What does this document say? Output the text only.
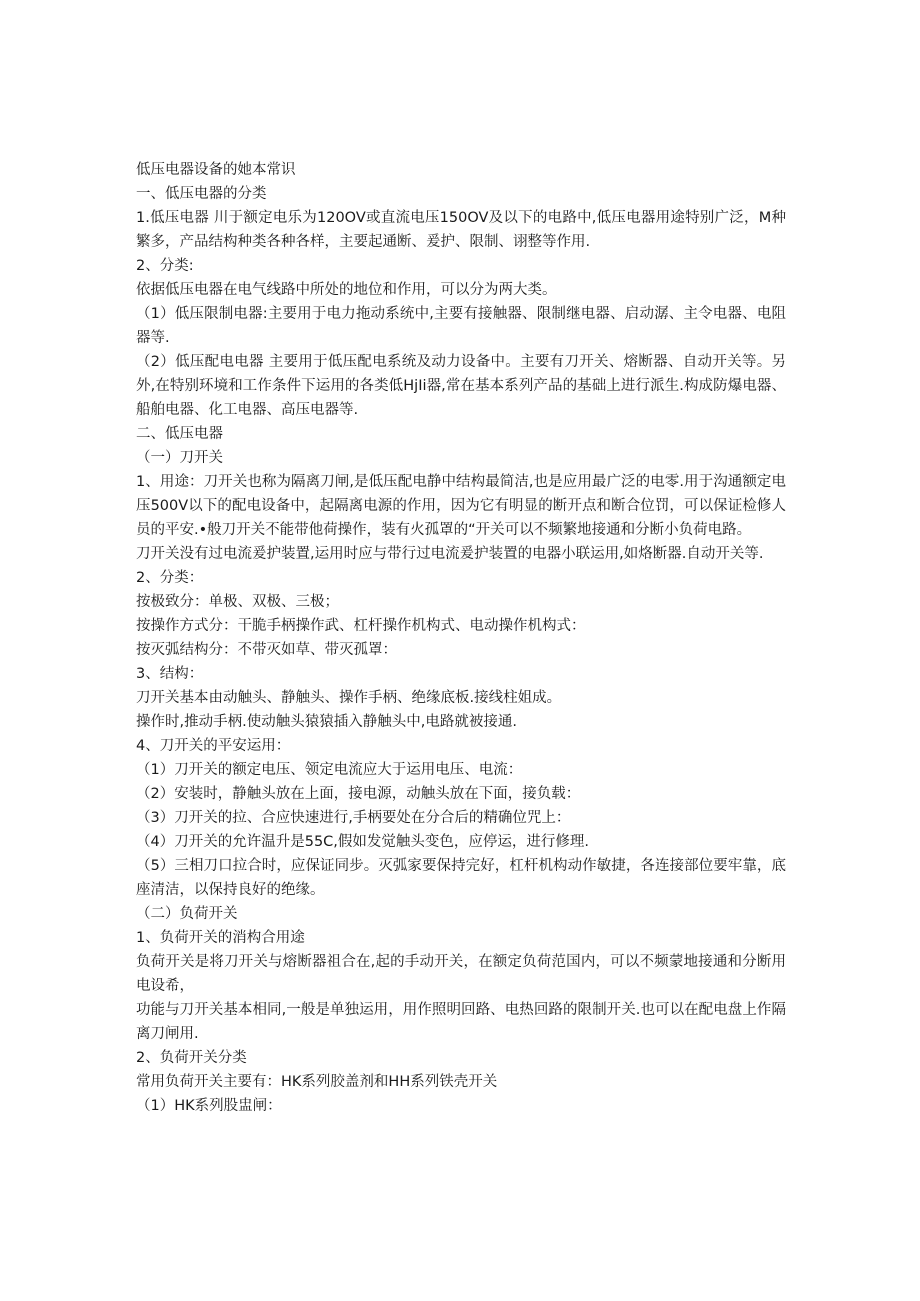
低压电器设备的她本常识

一、低压电器的分类

1.低压电器 川于额定电乐为120OV或直流电压150OV及以下的电路中,低压电器用途特别广泛，M种繁多，产品结构种类各种各样，主要起通断、爰护、限制、诩整等作用.

2、分类:

依据低压电器在电气线路中所处的地位和作用，可以分为两大类。

（1）低压限制电器:主要用于电力拖动系统中,主要有接触器、限制继电器、启动潺、主令电器、电阻器等.

（2）低压配电电器 主要用于低压配电系统及动力设备中。主要有刀开关、熔断器、自动开关等。另外,在特别环境和工作条件下运用的各类低HjIi器,常在基本系列产品的基础上进行派生.构成防爆电器、船舶电器、化工电器、高压电器等.

二、低压电器

（一）刀开关

1、用途：刀开关也称为隔离刀闸,是低压配电静中结构最简洁,也是应用最广泛的电零.用于沟通额定电压500V以下的配电设备中，起隔离电源的作用，因为它有明显的断开点和断合位罚，可以保证检修人员的平安.•般刀开关不能带他荷操作，装有火孤罩的“开关可以不频繁地接通和分断小负荷电路。

刀开关没有过电流爰护装置,运用时应与带行过电流爰护装置的电器小联运用,如烙断器.自动开关等.

2、分类：

按极致分：单极、双极、三极；

按操作方式分：干脆手柄操作武、杠杆操作机构式、电动操作机构式：

按灭弧结构分：不带灭如草、带灭孤罩：

3、结构：

刀开关基本由动触头、静触头、操作手柄、绝缘底板.接线柱姐成。

操作时,推动手柄.使动触头猿猿插入静触头中,电路就被接通.

4、刀开关的平安运用：

（1）刀开关的额定电压、领定电流应大于运用电压、电流：

（2）安装时，静触头放在上面，接电源，动触头放在下面，接负载：

（3）刀开关的拉、合应快速进行,手柄要处在分合后的精确位咒上：

（4）刀开关的允许温升是55C,假如发觉触头变色，应停运，进行修理.

（5）三相刀口拉合时，应保证同步。灭弧家要保持完好，杠杆机构动作敏捷，各连接部位要牢靠，底座清洁，以保持良好的绝缘。

（二）负荷开关

1、负荷开关的消构合用途

负荷开关是将刀开关与熔断器祖合在,起的手动开关，在额定负荷范国内，可以不频蒙地接通和分断用电设希，

功能与刀开关基本相同,一般是单独运用，用作照明回路、电热回路的限制开关.也可以在配电盘上作隔离刀闸用.

2、负荷开关分类

常用负荷开关主要有：HK系列胶盖剂和HH系列铁壳开关

（1）HK系列股盅闸：
